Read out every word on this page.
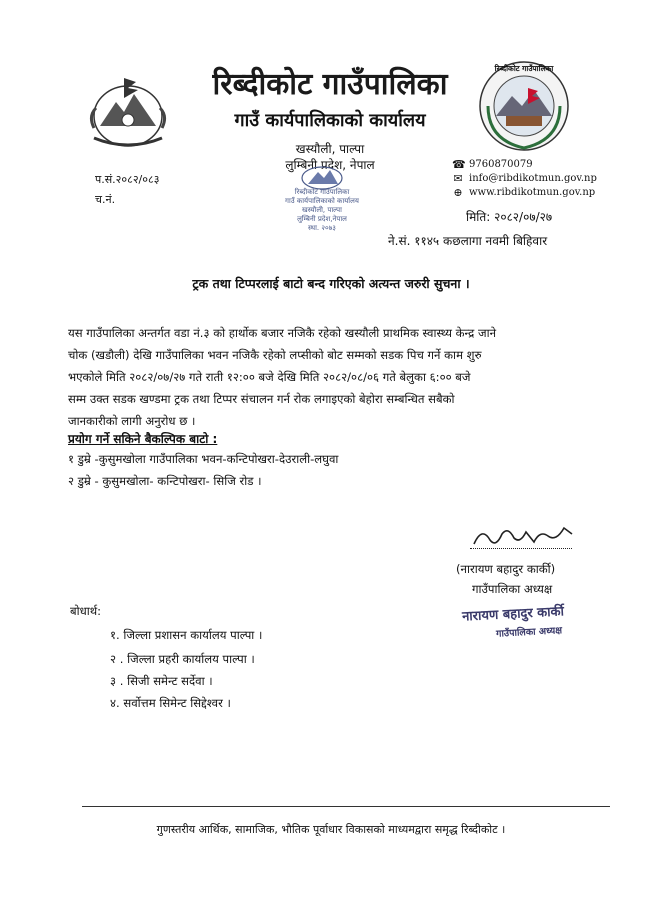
रिब्दीकोट गाउँपालिका
रिब्दीकोट गाउँपालिका
गाउँ कार्यपालिकाको कार्यालय
खस्यौली, पाल्पा
लुम्बिनी प्रदेश, नेपाल
प.सं.२०८२/०८३
च.नं.
☎ 9760870079
✉ info@ribdikotmun.gov.np
⊕ www.ribdikotmun.gov.np
रिब्दीकोट गाउँपालिका
गाउँ कार्यपालिकाको कार्यालय
खस्यौली, पाल्पा
लुम्बिनी प्रदेश,नेपाल
स्था. २०७३
मिति: २०८२/०७/२७
ने.सं. ११४५ कछलागा नवमी बिहिवार
ट्रक तथा टिप्परलाई बाटो बन्द गरिएको अत्यन्त जरुरी सुचना ।
यस गाउँपालिका अन्तर्गत वडा नं.३ को हार्थोक बजार नजिकै रहेको खस्यौली प्राथमिक स्वास्थ्य केन्द्र जाने
चोक (खडौली) देखि गाउँपालिका भवन नजिकै रहेको लप्सीको बोट सम्मको सडक पिच गर्ने काम शुरु
भएकोले मिति २०८२/०७/२७ गते राती १२:०० बजे देखि मिति २०८२/०८/०६ गते बेलुका ६:०० बजे
सम्म उक्त सडक खण्डमा ट्रक तथा टिप्पर संचालन गर्न रोक लगाइएको बेहोरा सम्बन्धित सबैको
जानकारीको लागी अनुरोध छ ।
प्रयोग गर्ने सकिने बैकल्पिक बाटो :
१ डुम्रे -कुसुमखोला गाउँपालिका भवन-कन्टिपोखरा-देउराली-लघुवा
२ डुम्रे - कुसुमखोला- कन्टिपोखरा- सिजि रोड ।
(नारायण बहादुर कार्की)
गाउँपालिका अध्यक्ष
नारायण बहादुर कार्की
गाउँपालिका अध्यक्ष
बोधार्थ:
१. जिल्ला प्रशासन कार्यालय पाल्पा ।
२ . जिल्ला प्रहरी कार्यालय पाल्पा ।
३ . सिजी समेन्ट सर्देवा ।
४. सर्वोत्तम सिमेन्ट सिद्देश्वर ।
गुणस्तरीय आर्थिक, सामाजिक, भौतिक पूर्वाधार विकासको माध्यमद्वारा समृद्ध रिब्दीकोट ।
